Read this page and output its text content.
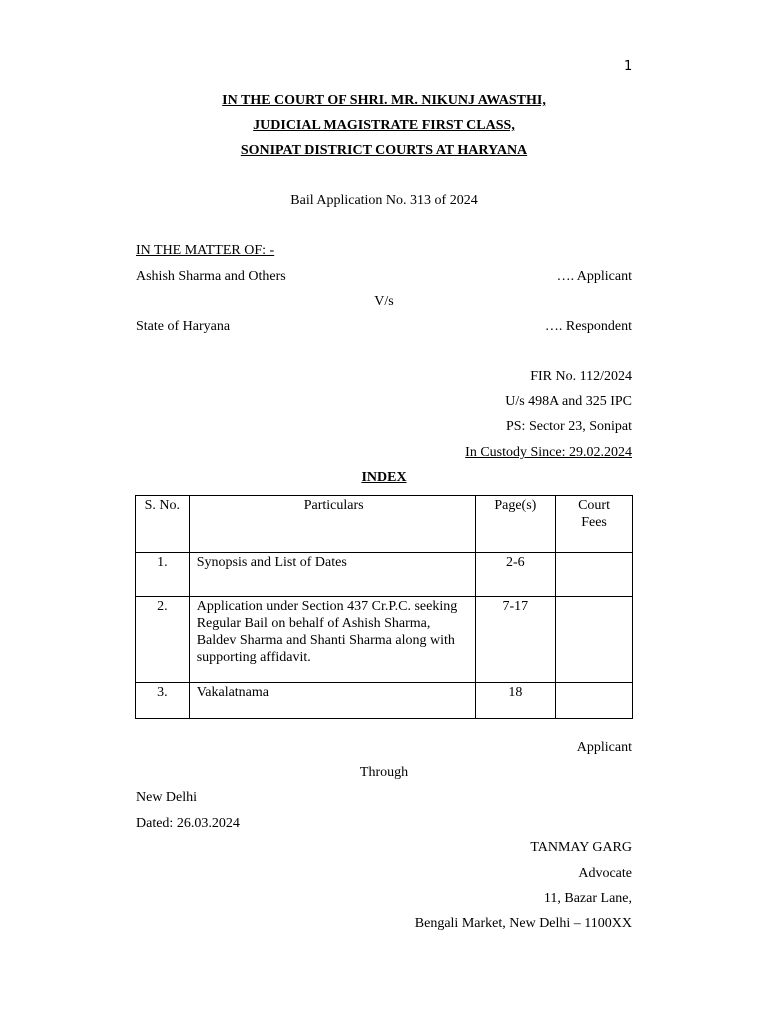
1
IN THE COURT OF SHRI. MR. NIKUNJ AWASTHI,
JUDICIAL MAGISTRATE FIRST CLASS,
SONIPAT DISTRICT COURTS AT HARYANA
Bail Application No. 313 of 2024
IN THE MATTER OF: -
Ashish Sharma and Others	…. Applicant
V/s
State of Haryana	…. Respondent
FIR No. 112/2024
U/s 498A and 325 IPC
PS: Sector 23, Sonipat
In Custody Since: 29.02.2024
INDEX
S. No.	Particulars	Page(s)	Court Fees
1.	Synopsis and List of Dates	2-6	
2.	Application under Section 437 Cr.P.C. seeking Regular Bail on behalf of Ashish Sharma, Baldev Sharma and Shanti Sharma along with supporting affidavit.	7-17	
3.	Vakalatnama	18	
Applicant
Through
New Delhi
Dated: 26.03.2024
TANMAY GARG
Advocate
11, Bazar Lane,
Bengali Market, New Delhi – 1100XX
